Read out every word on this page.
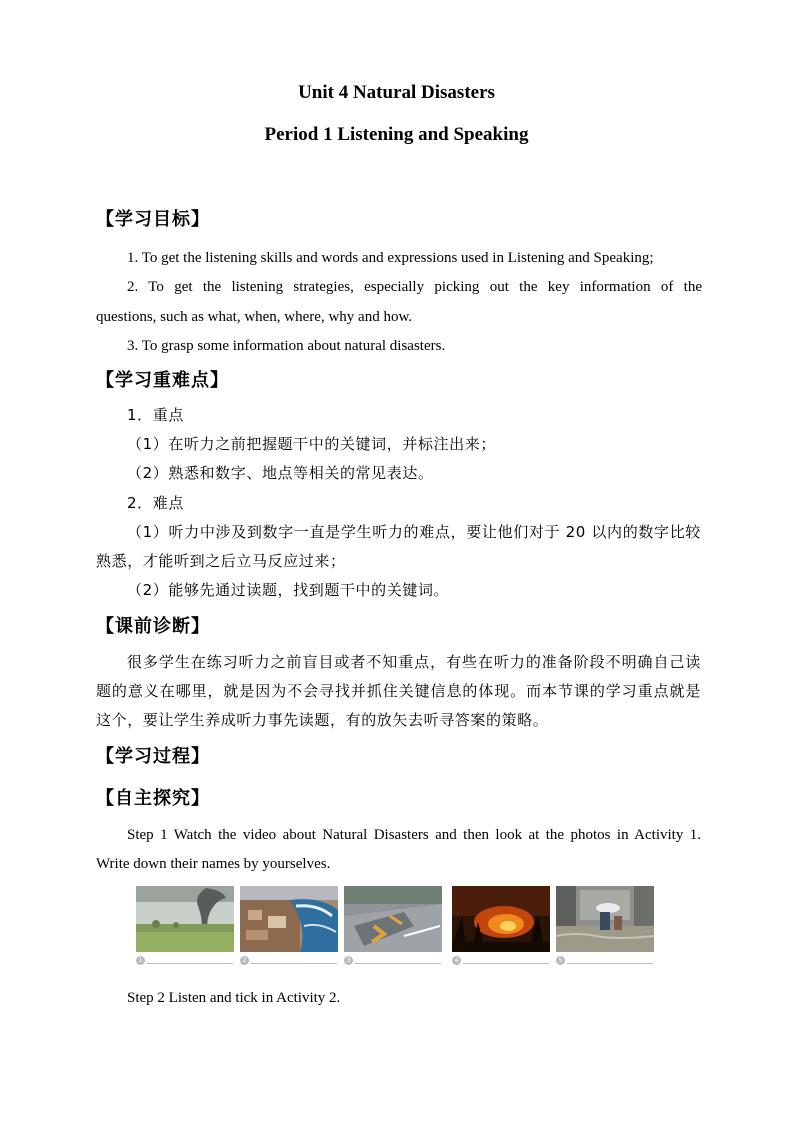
Unit 4 Natural Disasters
Period 1 Listening and Speaking
【学习目标】
1. To get the listening skills and words and expressions used in Listening and Speaking;
2. To get the listening strategies, especially picking out the key information of the
questions, such as what, when, where, why and how.
3. To grasp some information about natural disasters.
【学习重难点】
1．重点
（1）在听力之前把握题干中的关键词，并标注出来；
（2）熟悉和数字、地点等相关的常见表达。
2．难点
（1）听力中涉及到数字一直是学生听力的难点，要让他们对于 20 以内的数字比较
熟悉，才能听到之后立马反应过来；
（2）能够先通过读题，找到题干中的关键词。
【课前诊断】
很多学生在练习听力之前盲目或者不知重点，有些在听力的准备阶段不明确自己读
题的意义在哪里，就是因为不会寻找并抓住关键信息的体现。而本节课的学习重点就是
这个，要让学生养成听力事先读题，有的放矢去听寻答案的策略。
【学习过程】
【自主探究】
Step 1 Watch the video about Natural Disasters and then look at the photos in Activity 1.
Write down their names by yourselves.
1	2	3	4	5
Step 2 Listen and tick in Activity 2.
